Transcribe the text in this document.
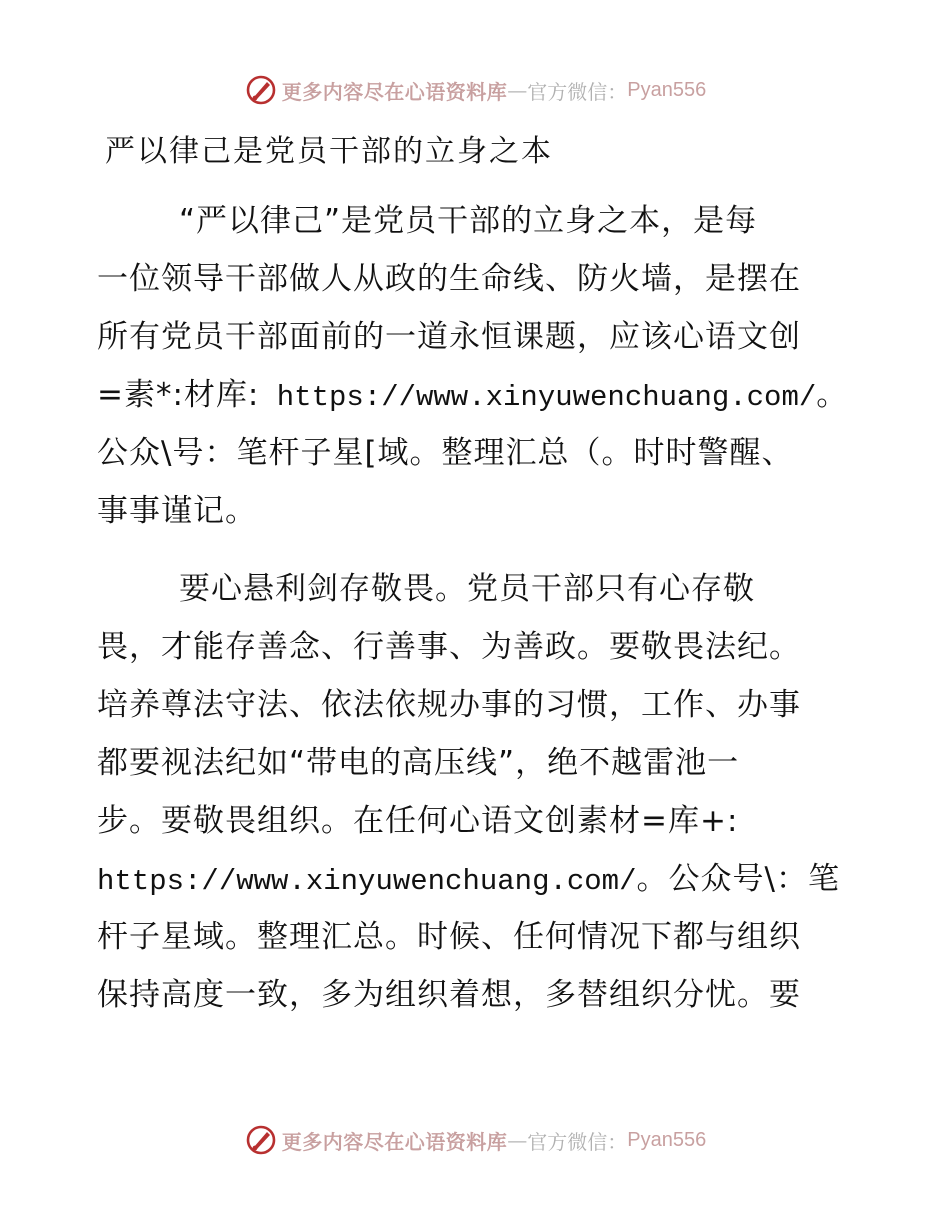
更多内容尽在心语资料库 — 官方微信： Pyan556
严以律己是党员干部的立身之本
“严以律己”是党员干部的立身之本，是每
一位领导干部做人从政的生命线、防火墙，是摆在
所有党员干部面前的一道永恒课题，应该心语文创
=素*:材库: https://www.xinyuwenchuang.com/。
公众\号：笔杆子星[域。整理汇总（。时时警醒、
事事谨记。
要心悬利剑存敬畏。党员干部只有心存敬
畏，才能存善念、行善事、为善政。要敬畏法纪。
培养尊法守法、依法依规办事的习惯，工作、办事
都要视法纪如“带电的高压线”，绝不越雷池一
步。要敬畏组织。在任何心语文创素材=库+:
https://www.xinyuwenchuang.com/。公众号\：笔
杆子星域。整理汇总。时候、任何情况下都与组织
保持高度一致，多为组织着想，多替组织分忧。要
更多内容尽在心语资料库 — 官方微信： Pyan556
